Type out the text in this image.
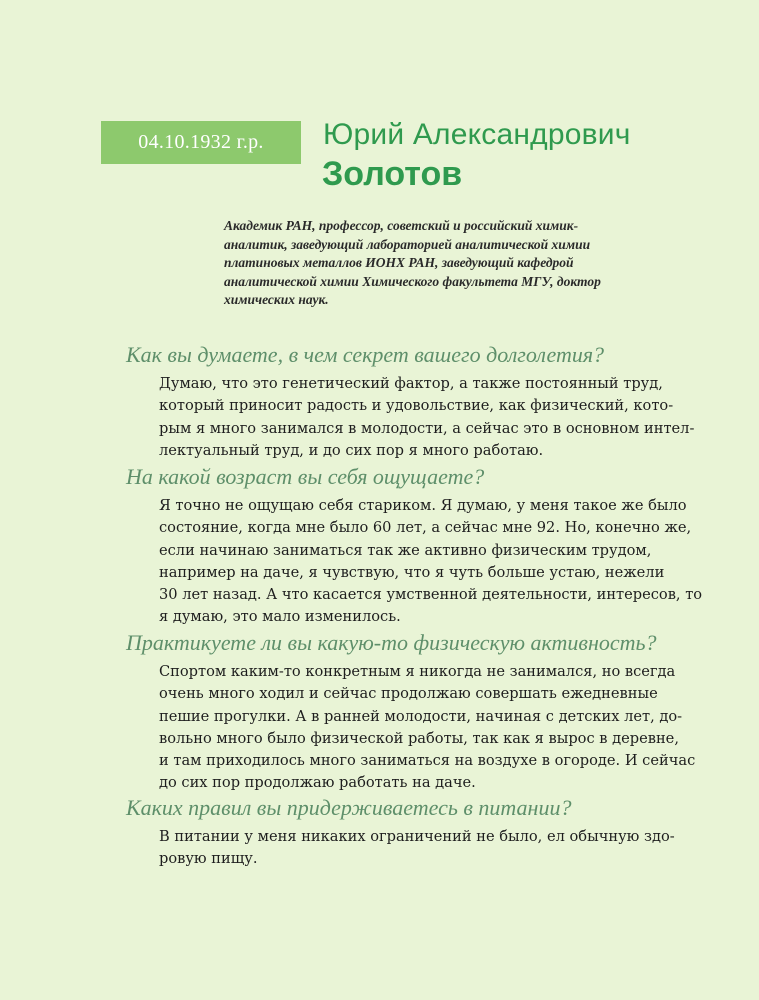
04.10.1932 г.р.	Юрий Александрович
Золотов
Академик РАН, профессор, советский и российский химик-
аналитик, заведующий лабораторией аналитической химии
платиновых металлов ИОНХ РАН, заведующий кафедрой
аналитической химии Химического факультета МГУ, доктор
химических наук.

Как вы думаете, в чем секрет вашего долголетия?

Думаю, что это генетический фактор, а также постоянный труд,
который приносит радость и удовольствие, как физический, кото-
рым я много занимался в молодости, а сейчас это в основном интел-
лектуальный труд, и до сих пор я много работаю.

На какой возраст вы себя ощущаете?

Я точно не ощущаю себя стариком. Я думаю, у меня такое же было
состояние, когда мне было 60 лет, а сейчас мне 92. Но, конечно же,
если начинаю заниматься так же активно физическим трудом,
например на даче, я чувствую, что я чуть больше устаю, нежели
30 лет назад. А что касается умственной деятельности, интересов, то
я думаю, это мало изменилось.

Практикуете ли вы какую-то физическую активность?

Спортом каким-то конкретным я никогда не занимался, но всегда
очень много ходил и сейчас продолжаю совершать ежедневные
пешие прогулки. А в ранней молодости, начиная с детских лет, до-
вольно много было физической работы, так как я вырос в деревне,
и там приходилось много заниматься на воздухе в огороде. И сейчас
до сих пор продолжаю работать на даче.

Каких правил вы придерживаетесь в питании?

В питании у меня никаких ограничений не было, ел обычную здо-
ровую пищу.
